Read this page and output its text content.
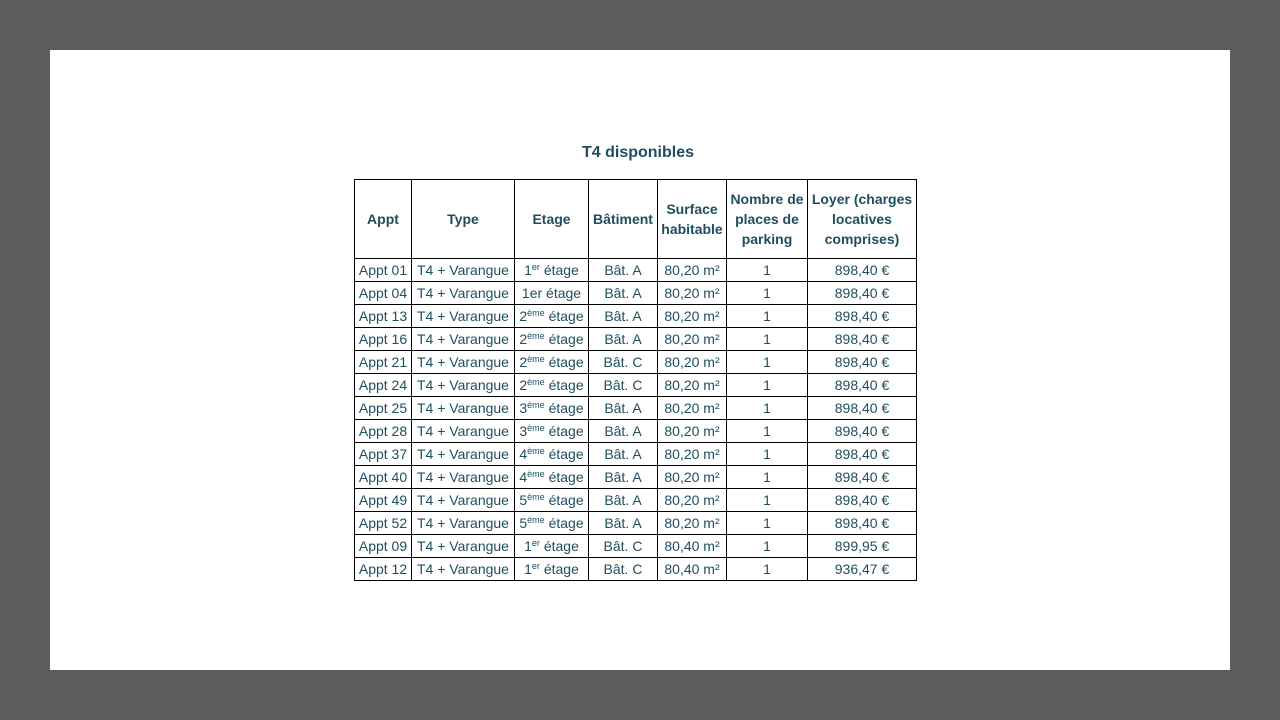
T4 disponibles
Appt	Type	Etage	Bâtiment	Surface habitable	Nombre de places de parking	Loyer (charges locatives comprises)
Appt 01	T4 + Varangue	1er étage	Bât. A	80,20 m²	1	898,40 €
Appt 04	T4 + Varangue	1er étage	Bât. A	80,20 m²	1	898,40 €
Appt 13	T4 + Varangue	2ème étage	Bât. A	80,20 m²	1	898,40 €
Appt 16	T4 + Varangue	2ème étage	Bât. A	80,20 m²	1	898,40 €
Appt 21	T4 + Varangue	2ème étage	Bât. C	80,20 m²	1	898,40 €
Appt 24	T4 + Varangue	2ème étage	Bât. C	80,20 m²	1	898,40 €
Appt 25	T4 + Varangue	3ème étage	Bât. A	80,20 m²	1	898,40 €
Appt 28	T4 + Varangue	3ème étage	Bât. A	80,20 m²	1	898,40 €
Appt 37	T4 + Varangue	4ème étage	Bât. A	80,20 m²	1	898,40 €
Appt 40	T4 + Varangue	4ème étage	Bât. A	80,20 m²	1	898,40 €
Appt 49	T4 + Varangue	5ème étage	Bât. A	80,20 m²	1	898,40 €
Appt 52	T4 + Varangue	5ème étage	Bât. A	80,20 m²	1	898,40 €
Appt 09	T4 + Varangue	1er étage	Bât. C	80,40 m²	1	899,95 €
Appt 12	T4 + Varangue	1er étage	Bât. C	80,40 m²	1	936,47 €
